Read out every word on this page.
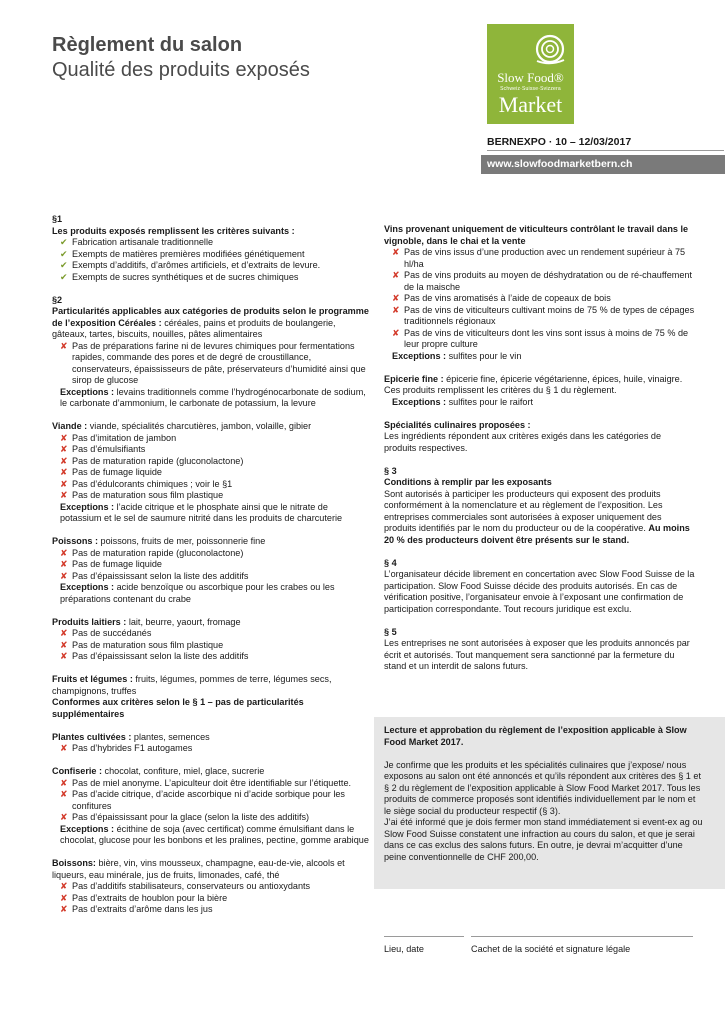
Règlement du salon
Qualité des produits exposés	Slow Food®
Schweiz·Suisse·Svizzera
Market
BERNEXPO · 10 – 12/03/2017
www.slowfoodmarketbern.ch
§1
Les produits exposés remplissent les critères suivants :
✔ Fabrication artisanale traditionnelle
✔ Exempts de matières premières modifiées génétiquement
✔ Exempts d’additifs, d’arômes artificiels, et d’extraits de levure.
✔ Exempts de sucres synthétiques et de sucres chimiques
§2
Particularités applicables aux catégories de produits selon le programme de l’exposition Céréales : céréales, pains et produits de boulangerie, gâteaux, tartes, biscuits, nouilles, pâtes alimentaires
✘ Pas de préparations farine ni de levures chimiques pour fermentations rapides, commande des pores et de degré de croustillance, conservateurs, épaississeurs de pâte, préservateurs d’humidité ainsi que sirop de glucose
Exceptions : levains traditionnels comme l’hydrogénocarbonate de sodium, le carbonate d’ammonium, le carbonate de potassium, la levure
Viande : viande, spécialités charcutières, jambon, volaille, gibier
✘ Pas d’imitation de jambon
✘ Pas d’émulsifiants
✘ Pas de maturation rapide (gluconolactone)
✘ Pas de fumage liquide
✘ Pas d’édulcorants chimiques ; voir le §1
✘ Pas de maturation sous film plastique
Exceptions : l’acide citrique et le phosphate ainsi que le nitrate de potassium et le sel de saumure nitrité dans les produits de charcuterie
Poissons : poissons, fruits de mer, poissonnerie fine
✘ Pas de maturation rapide (gluconolactone)
✘ Pas de fumage liquide
✘ Pas d’épaississant selon la liste des additifs
Exceptions : acide benzoïque ou ascorbique pour les crabes ou les préparations contenant du crabe
Produits laitiers : lait, beurre, yaourt, fromage
✘ Pas de succédanés
✘ Pas de maturation sous film plastique
✘ Pas d’épaississant selon la liste des additifs
Fruits et légumes : fruits, légumes, pommes de terre, légumes secs, champignons, truffes
Conformes aux critères selon le § 1 – pas de particularités supplémentaires
Plantes cultivées : plantes, semences
✘ Pas d’hybrides F1 autogames
Confiserie : chocolat, confiture, miel, glace, sucrerie
✘ Pas de miel anonyme. L’apiculteur doit être identifiable sur l’étiquette.
✘ Pas d’acide citrique, d’acide ascorbique ni d’acide sorbique pour les confitures
✘ Pas d’épaississant pour la glace (selon la liste des additifs)
Exceptions : écithine de soja (avec certificat) comme émulsifiant dans le chocolat, glucose pour les bonbons et les pralines, pectine, gomme arabique
Boissons: bière, vin, vins mousseux, champagne, eau-de-vie, alcools et liqueurs, eau minérale, jus de fruits, limonades, café, thé
✘ Pas d’additifs stabilisateurs, conservateurs ou antioxydants
✘ Pas d’extraits de houblon pour la bière
✘ Pas d’extraits d’arôme dans les jus
Vins provenant uniquement de viticulteurs contrôlant le travail dans le vignoble, dans le chai et la vente
✘ Pas de vins issus d’une production avec un rendement supérieur à 75 hl/ha
✘ Pas de vins produits au moyen de déshydratation ou de ré-chauffement de la maische
✘ Pas de vins aromatisés à l’aide de copeaux de bois
✘ Pas de vins de viticulteurs cultivant moins de 75 % de types de cépages traditionnels régionaux
✘ Pas de vins de viticulteurs dont les vins sont issus à moins de 75 % de leur propre culture
Exceptions : sulfites pour le vin
Epicerie fine : épicerie fine, épicerie végétarienne, épices, huile, vinaigre. Ces produits remplissent les critères du § 1 du règlement.
Exceptions : sulfites pour le raifort
Spécialités culinaires proposées :
Les ingrédients répondent aux critères exigés dans les catégories de produits respectives.
§ 3
Conditions à remplir par les exposants
Sont autorisés à participer les producteurs qui exposent des produits conformément à la nomenclature et au règlement de l’exposition. Les entreprises commerciales sont autorisées à exposer uniquement des produits identifiés par le nom du producteur ou de la coopérative. Au moins 20 % des producteurs doivent être présents sur le stand.
§ 4
L’organisateur décide librement en concertation avec Slow Food Suisse de la participation. Slow Food Suisse décide des produits autorisés. En cas de vérification positive, l’organisateur envoie à l’exposant une confirmation de participation correspondante. Tout recours juridique est exclu.
§ 5
Les entreprises ne sont autorisées à exposer que les produits annoncés par écrit et autorisés. Tout manquement sera sanctionné par la fermeture du stand et un interdit de salons futurs.
Lecture et approbation du règlement de l’exposition applicable à Slow Food Market 2017.
Je confirme que les produits et les spécialités culinaires que j’expose/ nous exposons au salon ont été annoncés et qu’ils répondent aux critères des § 1 et § 2 du règlement de l’exposition applicable à Slow Food Market 2017. Tous les produits de commerce proposés sont identifiés individuellement par le nom et le siège social du producteur respectif (§ 3).
J’ai été informé que je dois fermer mon stand immédiatement si event-ex ag ou Slow Food Suisse constatent une infraction au cours du salon, et que je serai dans ce cas exclus des salons futurs. En outre, je devrai m’acquitter d’une peine conventionnelle de CHF 200,00.
Lieu, date	Cachet de la société et signature légale
